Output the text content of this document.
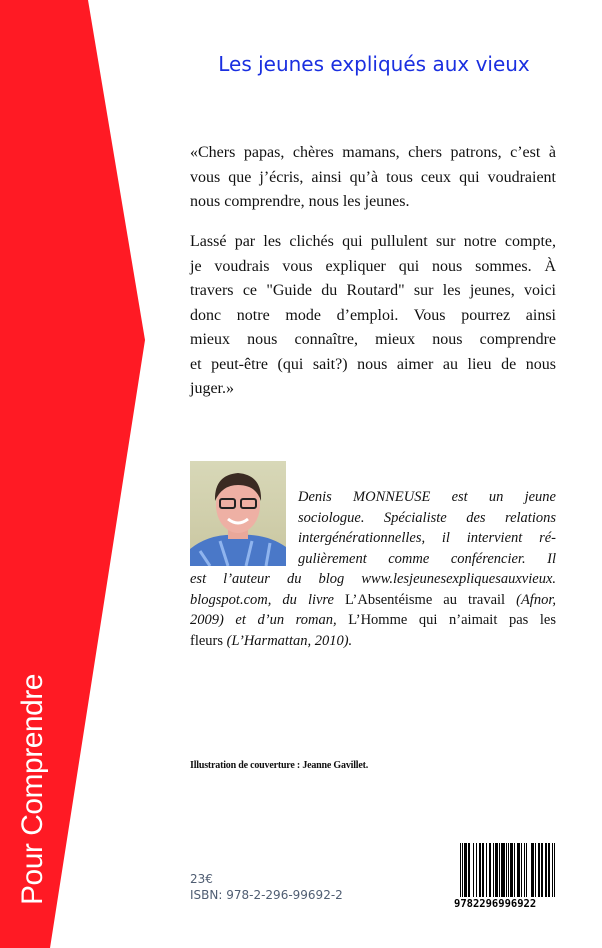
Pour Comprendre
Les jeunes expliqués aux vieux
«Chers papas, chères mamans, chers patrons, c’est à
vous que j’écris, ainsi qu’à tous ceux qui voudraient
nous comprendre, nous les jeunes.
Lassé par les clichés qui pullulent sur notre compte,
je voudrais vous expliquer qui nous sommes. À
travers ce "Guide du Routard" sur les jeunes, voici
donc notre mode d’emploi. Vous pourrez ainsi
mieux nous connaître, mieux nous comprendre
et peut-être (qui sait?) nous aimer au lieu de nous
juger.»
Denis MONNEUSE est un jeune
sociologue. Spécialiste des relations
intergénérationnelles, il intervient ré-
gulièrement comme conférencier. Il
est l’auteur du blog www.lesjeunesexpliquesauxvieux.
blogspot.com, du livre L’Absentéisme au travail (Afnor,
2009) et d’un roman, L’Homme qui n’aimait pas les
fleurs (L’Harmattan, 2010).
Illustration de couverture : Jeanne Gavillet.
23€
ISBN: 978-2-296-99692-2
9782296996922
